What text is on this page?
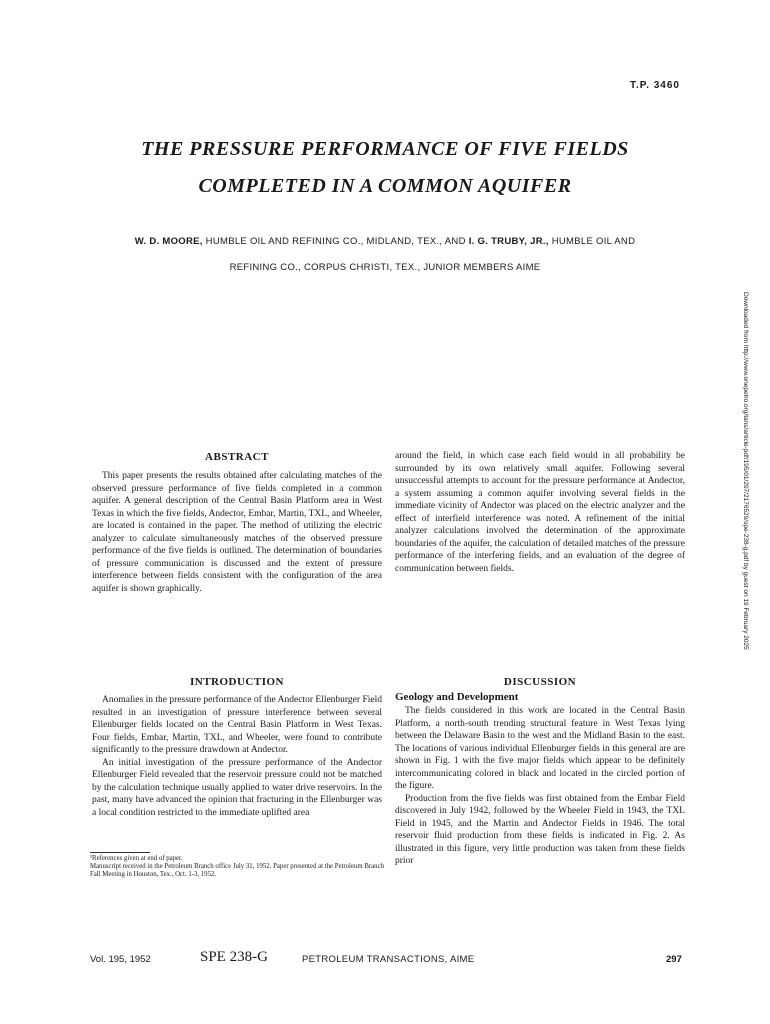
T.P. 3460
THE PRESSURE PERFORMANCE OF FIVE FIELDS
COMPLETED IN A COMMON AQUIFER
W. D. MOORE, HUMBLE OIL AND REFINING CO., MIDLAND, TEX., AND I. G. TRUBY, JR., HUMBLE OIL AND
REFINING CO., CORPUS CHRISTI, TEX., JUNIOR MEMBERS AIME
Downloaded from http://www.onepetro.org/tans/article-pdf/195/01/297/2176529/spe-238-g.pdf by guest on 19 February 2025
ABSTRACT

This paper presents the results obtained after calculating matches of the observed pressure performance of five fields completed in a common aquifer. A general description of the Central Basin Platform area in West Texas in which the five fields, Andector, Embar, Martin, TXL, and Wheeler, are located is contained in the paper. The method of utilizing the electric analyzer to calculate simultaneously matches of the observed pressure performance of the five fields is outlined. The determination of boundaries of pressure communication is discussed and the extent of pressure interference between fields consistent with the configuration of the area aquifer is shown graphically.

around the field, in which case each field would in all probability be surrounded by its own relatively small aquifer. Following several unsuccessful attempts to account for the pressure performance at Andector, a system assuming a common aquifer involving several fields in the immediate vicinity of Andector was placed on the electric analyzer and the effect of interfield interference was noted. A refinement of the initial analyzer calculations involved the determination of the approximate boundaries of the aquifer, the calculation of detailed matches of the pressure performance of the interfering fields, and an evaluation of the degree of communication between fields.

INTRODUCTION

Anomalies in the pressure performance of the Andector Ellenburger Field resulted in an investigation of pressure interference between several Ellenburger fields located on the Central Basin Platform in West Texas. Four fields, Embar, Martin, TXL, and Wheeler, were found to contribute significantly to the pressure drawdown at Andector.

An initial investigation of the pressure performance of the Andector Ellenburger Field revealed that the reservoir pressure could not be matched by the calculation technique usually applied to water drive reservoirs. In the past, many have advanced the opinion that fracturing in the Ellenburger was a local condition restricted to the immediate uplifted area

DISCUSSION
Geology and Development

The fields considered in this work are located in the Central Basin Platform, a north-south trending structural feature in West Texas lying between the Delaware Basin to the west and the Midland Basin to the east. The locations of various individual Ellenburger fields in this general are are shown in Fig. 1 with the five major fields which appear to be definitely intercommunicating colored in black and located in the circled portion of the figure.

Production from the five fields was first obtained from the Embar Field discovered in July 1942, followed by the Wheeler Field in 1943, the TXL Field in 1945, and the Martin and Andector Fields in 1946. The total reservoir fluid production from these fields is indicated in Fig. 2. As illustrated in this figure, very little production was taken from these fields prior

¹References given at end of paper.
Manuscript received in the Petroleum Branch office July 31, 1952. Paper presented at the Petroleum Branch Fall Meeting in Houston, Tex., Oct. 1-3, 1952.
Vol. 195, 1952	SPE 238-G	PETROLEUM TRANSACTIONS, AIME	297
